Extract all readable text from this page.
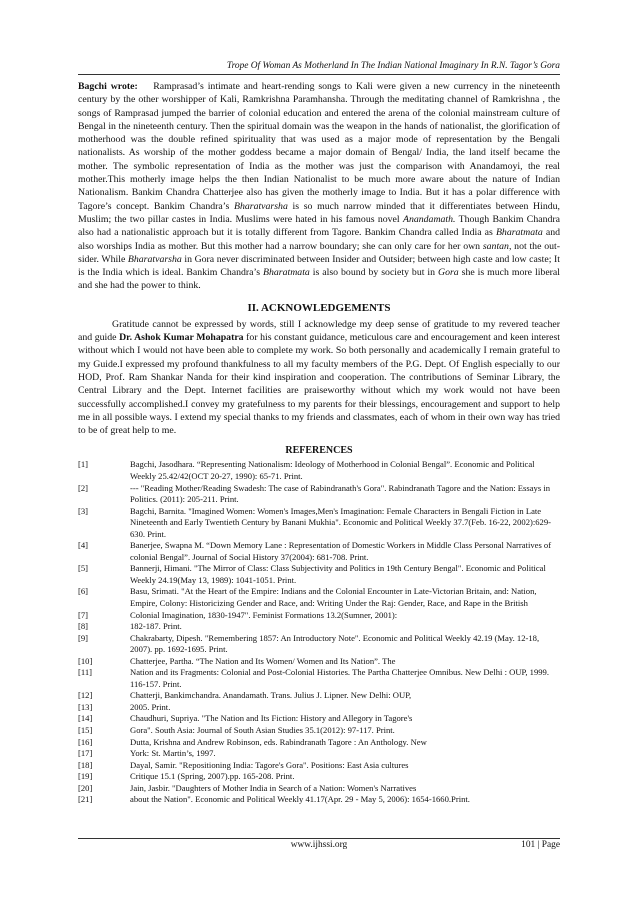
Trope Of Woman As Motherland In The Indian National Imaginary In R.N. Tagor’s Gora

Bagchi wrote: Ramprasad’s intimate and heart-rending songs to Kali were given a new currency in the nineteenth century by the other worshipper of Kali, Ramkrishna Paramhansha. Through the meditating channel of Ramkrishna , the songs of Ramprasad jumped the barrier of colonial education and entered the arena of the colonial mainstream culture of Bengal in the nineteenth century. Then the spiritual domain was the weapon in the hands of nationalist, the glorification of motherhood was the double refined spirituality that was used as a major mode of representation by the Bengali nationalists. As worship of the mother goddess became a major domain of Bengal/ India, the land itself became the mother. The symbolic representation of India as the mother was just the comparison with Anandamoyi, the real mother.This motherly image helps the then Indian Nationalist to be much more aware about the nature of Indian Nationalism. Bankim Chandra Chatterjee also has given the motherly image to India. But it has a polar difference with Tagore’s concept. Bankim Chandra’s Bharatvarsha is so much narrow minded that it differentiates between Hindu, Muslim; the two pillar castes in India. Muslims were hated in his famous novel Anandamath. Though Bankim Chandra also had a nationalistic approach but it is totally different from Tagore. Bankim Chandra called India as Bharatmata and also worships India as mother. But this mother had a narrow boundary; she can only care for her own santan, not the out-sider. While Bharatvarsha in Gora never discriminated between Insider and Outsider; between high caste and low caste; It is the India which is ideal. Bankim Chandra’s Bharatmata is also bound by society but in Gora she is much more liberal and she had the power to think.

II. ACKNOWLEDGEMENTS

Gratitude cannot be expressed by words, still I acknowledge my deep sense of gratitude to my revered teacher and guide Dr. Ashok Kumar Mohapatra for his constant guidance, meticulous care and encouragement and keen interest without which I would not have been able to complete my work. So both personally and academically I remain grateful to my Guide.I expressed my profound thankfulness to all my faculty members of the P.G. Dept. Of English especially to our HOD, Prof. Ram Shankar Nanda for their kind inspiration and cooperation. The contributions of Seminar Library, the Central Library and the Dept. Internet facilities are praiseworthy without which my work would not have been successfully accomplished.I convey my gratefulness to my parents for their blessings, encouragement and support to help me in all possible ways. I extend my special thanks to my friends and classmates, each of whom in their own way has tried to be of great help to me.

REFERENCES
[1]	Bagchi, Jasodhara. “Representing Nationalism: Ideology of Motherhood in Colonial Bengal”. Economic and Political Weekly 25.42/42(OCT 20-27, 1990): 65-71. Print.
[2]	--- "Reading Mother/Reading Swadesh: The case of Rabindranath's Gora". Rabindranath Tagore and the Nation: Essays in Politics. (2011): 205-211. Print.
[3]	Bagchi, Barnita. "Imagined Women: Women's Images,Men's Imagination: Female Characters in Bengali Fiction in Late Nineteenth and Early Twentieth Century by Banani Mukhia". Economic and Political Weekly 37.7(Feb. 16-22, 2002):629-630. Print.
[4]	Banerjee, Swapna M. “Down Memory Lane : Representation of Domestic Workers in Middle Class Personal Narratives of colonial Bengal”. Journal of Social History 37(2004): 681-708. Print.
[5]	Bannerji, Himani. "The Mirror of Class: Class Subjectivity and Politics in 19th Century Bengal". Economic and Political Weekly 24.19(May 13, 1989): 1041-1051. Print.
[6]	Basu, Srimati. "At the Heart of the Empire: Indians and the Colonial Encounter in Late-Victorian Britain, and: Nation, Empire, Colony: Historicizing Gender and Race, and: Writing Under the Raj: Gender, Race, and Rape in the British
[7]	Colonial Imagination, 1830-1947". Feminist Formations 13.2(Sumner, 2001):
[8]	182-187. Print.
[9]	Chakrabarty, Dipesh. "Remembering 1857: An Introductory Note". Economic and Political Weekly 42.19 (May. 12-18, 2007). pp. 1692-1695. Print.
[10]	Chatterjee, Partha. “The Nation and Its Women/ Women and Its Nation”. The
[11]	Nation and its Fragments: Colonial and Post-Colonial Histories. The Partha Chatterjee Omnibus. New Delhi : OUP, 1999. 116-157. Print.
[12]	Chatterji, Bankimchandra. Anandamath. Trans. Julius J. Lipner. New Delhi: OUP,
[13]	2005. Print.
[14]	Chaudhuri, Supriya. "The Nation and Its Fiction: History and Allegory in Tagore's
[15]	Gora". South Asia: Journal of South Asian Studies 35.1(2012): 97-117. Print.
[16]	Dutta, Krishna and Andrew Robinson, eds. Rabindranath Tagore : An Anthology. New
[17]	York: St. Martin’s, 1997.
[18]	Dayal, Samir. "Repositioning India: Tagore's Gora". Positions: East Asia cultures
[19]	Critique 15.1 (Spring, 2007).pp. 165-208. Print.
[20]	Jain, Jasbir. "Daughters of Mother India in Search of a Nation: Women's Narratives
[21]	about the Nation". Economic and Political Weekly 41.17(Apr. 29 - May 5, 2006): 1654-1660.Print.
www.ijhssi.org	101 | Page
